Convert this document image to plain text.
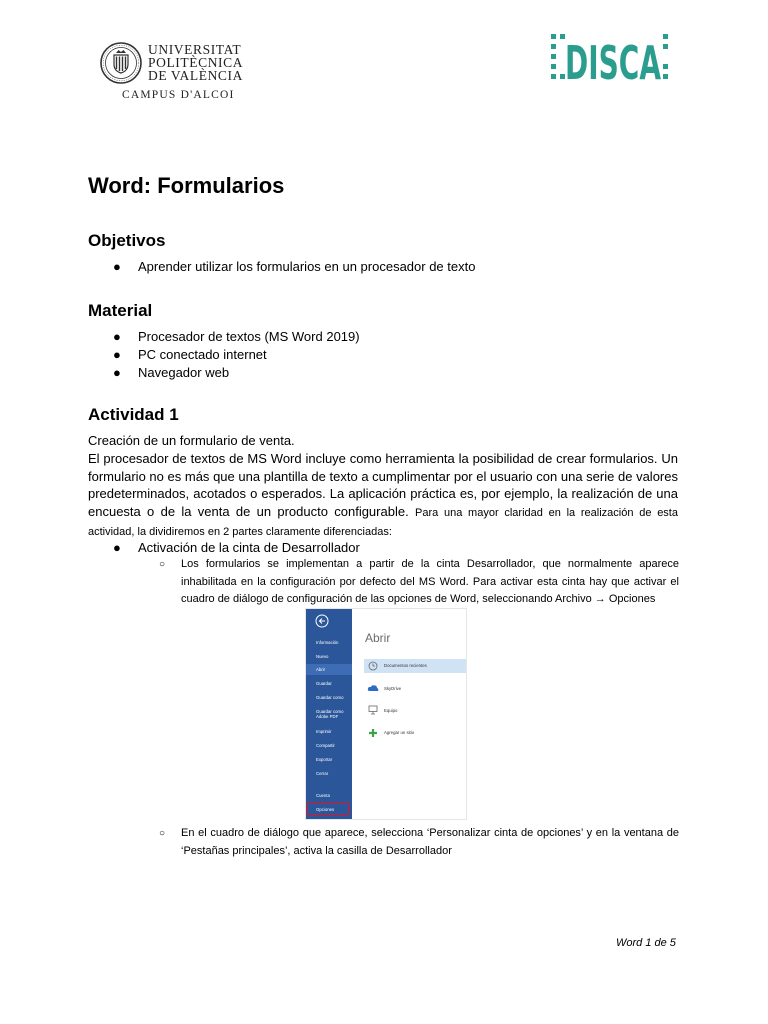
UNIVERSITAT
POLITÈCNICA
DE VALÈNCIA
CAMPUS D'ALCOI
DISCA
Word: Formularios
Objetivos
● Aprender utilizar los formularios en un procesador de texto
Material
● Procesador de textos (MS Word 2019)
● PC conectado internet
● Navegador web
Actividad 1
Creación de un formulario de venta.
El procesador de textos de MS Word incluye como herramienta la posibilidad de crear formularios. Un formulario no es más que una plantilla de texto a cumplimentar por el usuario con una serie de valores predeterminados, acotados o esperados. La aplicación práctica es, por ejemplo, la realización de una encuesta o de la venta de un producto configurable. Para una mayor claridad en la realización de esta actividad, la dividiremos en 2 partes claramente diferenciadas:
● Activación de la cinta de Desarrollador
○ Los formularios se implementan a partir de la cinta Desarrollador, que normalmente aparece inhabilitada en la configuración por defecto del MS Word. Para activar esta cinta hay que activar el cuadro de diálogo de configuración de las opciones de Word, seleccionando Archivo → Opciones
Información
Nuevo
Abrir
Guardar
Guardar como
Guardar como Adobe PDF
Imprimir
Compartir
Exportar
Cerrar
Cuenta
Opciones
Abrir
Documentos recientes
SkyDrive
Equipo
Agregar un sitio
○ En el cuadro de diálogo que aparece, selecciona ‘Personalizar cinta de opciones’ y en la ventana de ‘Pestañas principales’, activa la casilla de Desarrollador
Word 1 de 5
